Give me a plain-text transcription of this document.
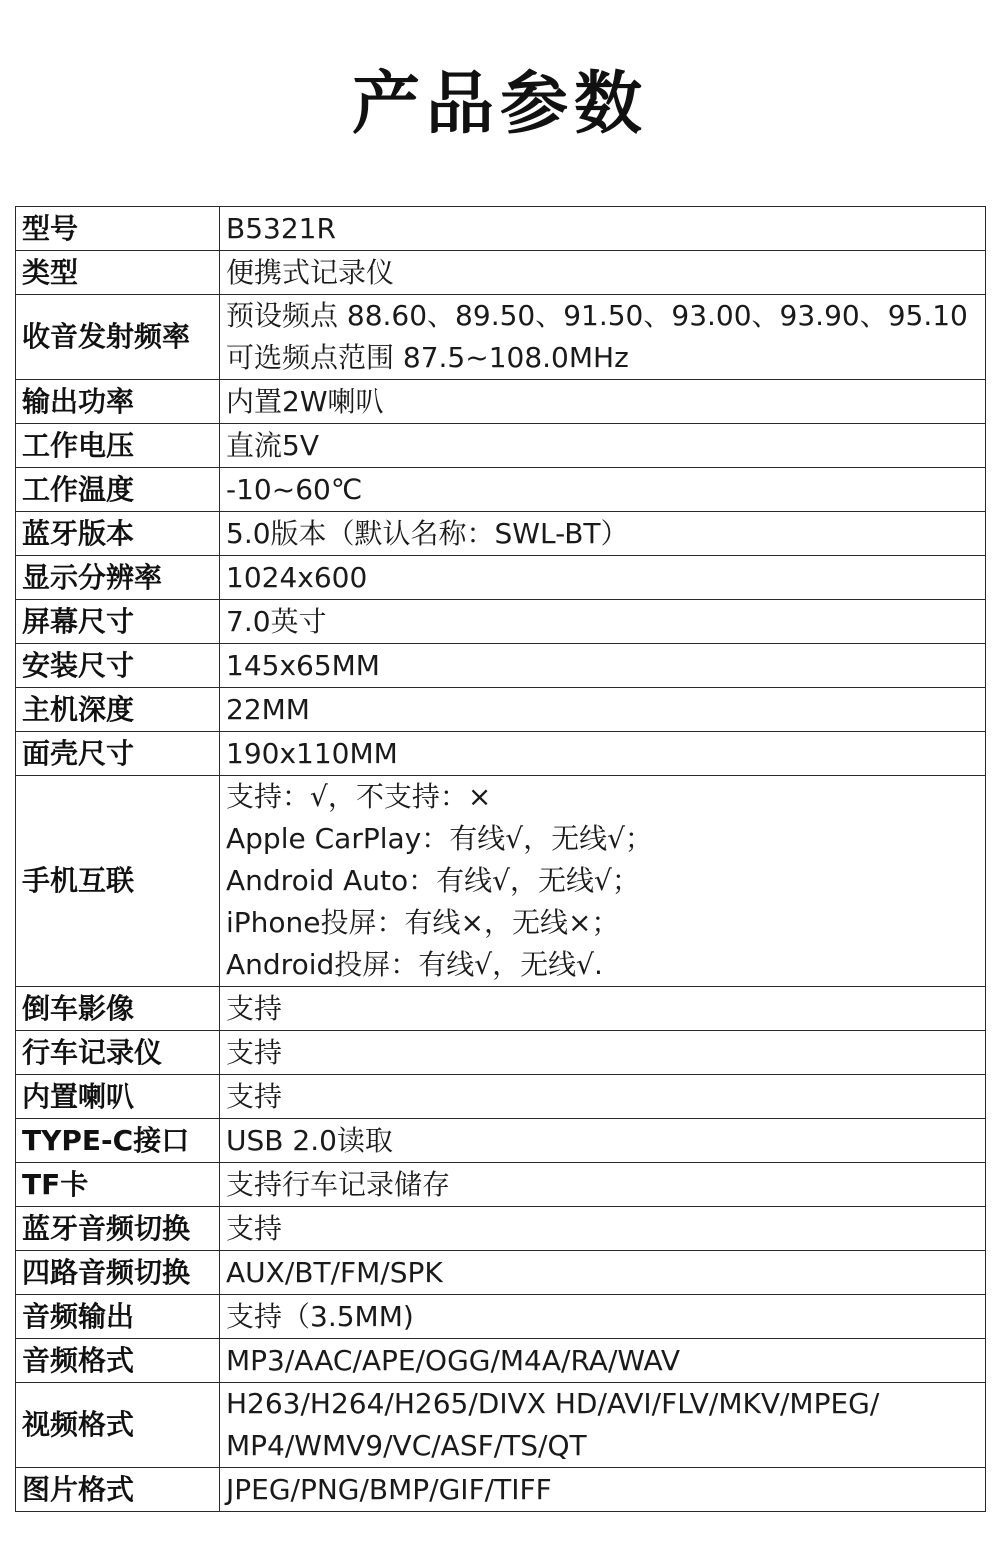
产品参数
型号	B5321R

类型	便携式记录仪

收音发射频率	预设频点 88.60、89.50、91.50、93.00、93.90、95.10
可选频点范围 87.5~108.0MHz

输出功率	内置2W喇叭

工作电压	直流5V

工作温度	-10~60℃

蓝牙版本	5.0版本（默认名称：SWL-BT）

显示分辨率	1024x600

屏幕尺寸	7.0英寸

安装尺寸	145x65MM

主机深度	22MM

面壳尺寸	190x110MM

手机互联	支持：√，不支持：×
Apple CarPlay：有线√，无线√；
Android Auto：有线√，无线√；
iPhone投屏：有线×，无线×；
Android投屏：有线√，无线√.

倒车影像	支持

行车记录仪	支持

内置喇叭	支持

TYPE-C接口	USB 2.0读取

TF卡	支持行车记录储存

蓝牙音频切换	支持

四路音频切换	AUX/BT/FM/SPK

音频输出	支持（3.5MM)

音频格式	MP3/AAC/APE/OGG/M4A/RA/WAV

视频格式	H263/H264/H265/DIVX HD/AVI/FLV/MKV/MPEG/
MP4/WMV9/VC/ASF/TS/QT

图片格式	JPEG/PNG/BMP/GIF/TIFF
